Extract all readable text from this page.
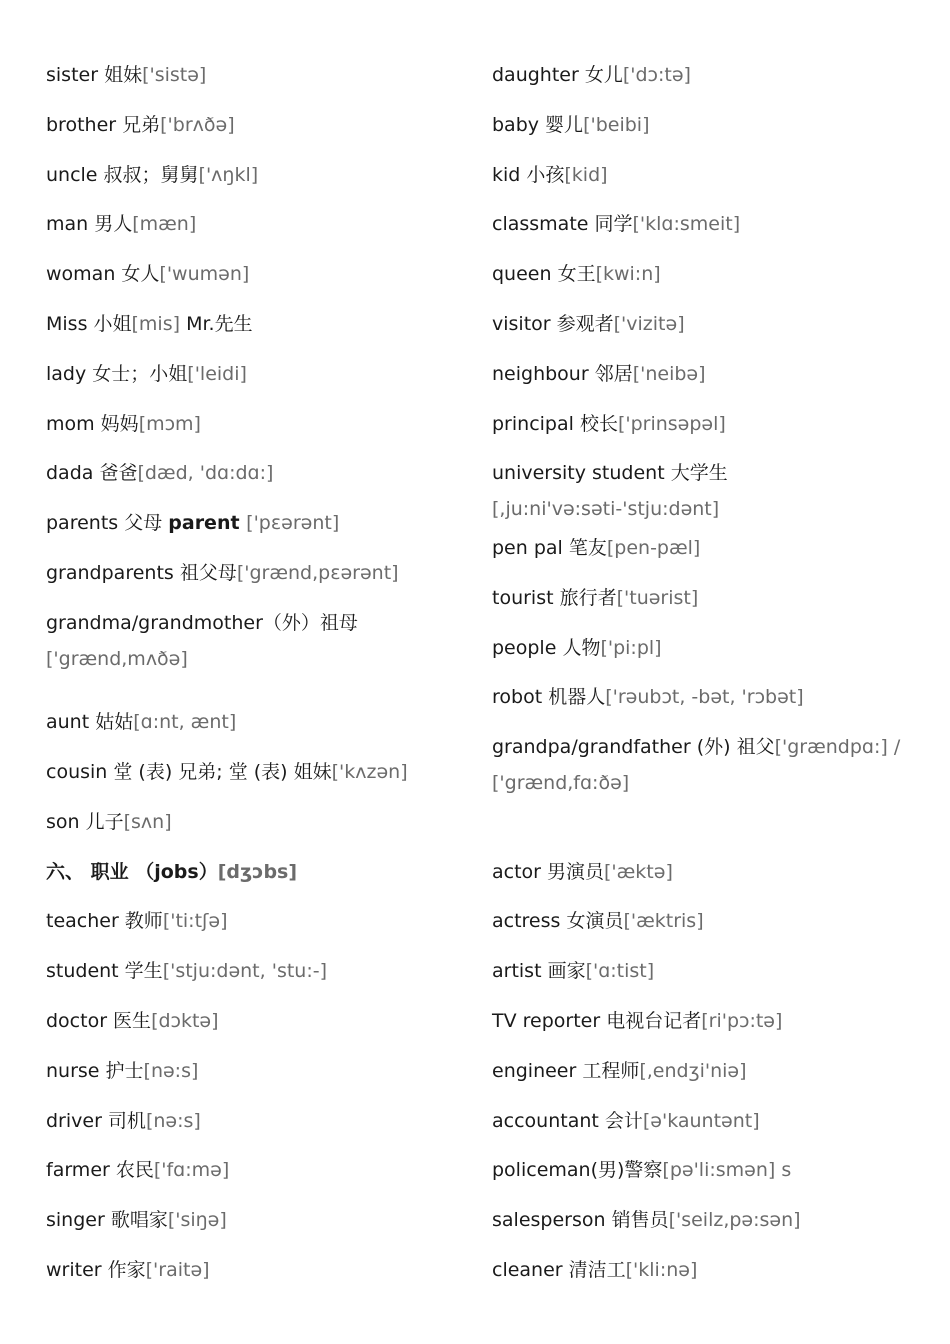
sister 姐妹['sistə]
brother 兄弟['brʌðə]
uncle 叔叔；舅舅['ʌŋkl]
man 男人[mæn]
woman 女人['wumən]
Miss 小姐[mis] Mr.先生
lady 女士；小姐['leidi]
mom 妈妈[mɔm]
dada 爸爸[dæd, 'dɑ:dɑ:]
parents 父母 parent ['pɛərənt]
grandparents 祖父母['grænd,pɛərənt]
grandma/grandmother（外）祖母 ['grænd,mʌðə]
aunt 姑姑[ɑ:nt, ænt]
cousin 堂 (表) 兄弟; 堂 (表) 姐妹['kʌzən]
son 儿子[sʌn]
六、 职业 （jobs）[dʒɔbs]
teacher 教师['ti:tʃə]
student 学生['stju:dənt, 'stu:-]
doctor 医生[dɔktə]
nurse 护士[nə:s]
driver 司机[nə:s]
farmer 农民['fɑ:mə]
singer 歌唱家['siŋə]
writer 作家['raitə]
daughter 女儿['dɔ:tə]
baby 婴儿['beibi]
kid 小孩[kid]
classmate 同学['klɑ:smeit]
queen 女王[kwi:n]
visitor 参观者['vizitə]
neighbour 邻居['neibə]
principal 校长['prinsəpəl]
university student 大学生 [,ju:ni'və:səti-'stju:dənt]
pen pal 笔友[pen-pæl]
tourist 旅行者['tuərist]
people 人物['pi:pl]
robot 机器人['rəubɔt, -bət, 'rɔbət]
grandpa/grandfather (外) 祖父['grændpɑ:] / ['grænd,fɑ:ðə]
actor 男演员['æktə]
actress 女演员['æktris]
artist 画家['ɑ:tist]
TV reporter 电视台记者[ri'pɔ:tə]
engineer 工程师[,endʒi'niə]
accountant 会计[ə'kauntənt]
policeman(男)警察[pə'li:smən] s
salesperson 销售员['seilz,pə:sən]
cleaner 清洁工['kli:nə]
